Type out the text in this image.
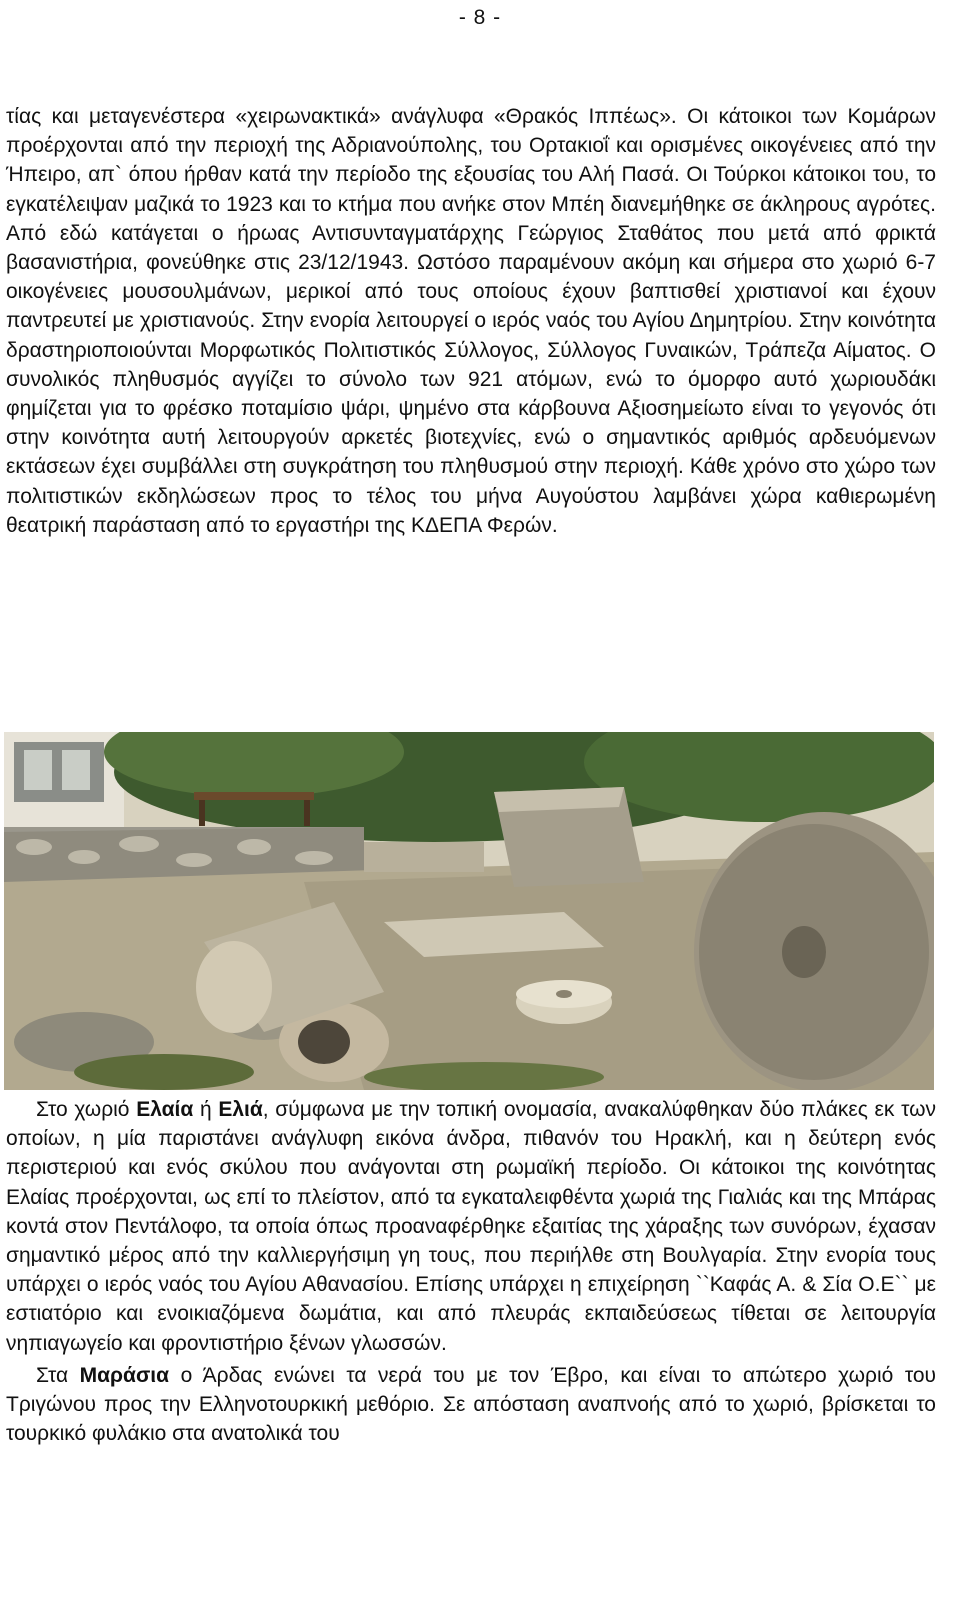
- 8 -

τίας και μεταγενέστερα «χειρωνακτικά» ανάγλυφα «Θρακός Ιππέως». Οι κάτοικοι των Κομάρων προέρχονται από την περιοχή της Αδριανούπολης, του Ορτακιοΐ και ορισμένες οικογένειες από την Ήπειρο, απ` όπου ήρθαν κατά την περίοδο της εξουσίας του Αλή Πασά. Οι Τούρκοι κάτοικοι του, το εγκατέλειψαν μαζικά το 1923 και το κτήμα που ανήκε στον Μπέη διανεμήθηκε σε άκληρους αγρότες. Από εδώ κατάγεται ο ήρωας Αντισυνταγματάρχης Γεώργιος Σταθάτος που μετά από φρικτά βασανιστήρια, φονεύθηκε στις 23/12/1943. Ωστόσο παραμένουν ακόμη και σήμερα στο χωριό 6-7 οικογένειες μουσουλμάνων, μερικοί από τους οποίους έχουν βαπτισθεί χριστιανοί και έχουν παντρευτεί με χριστιανούς. Στην ενορία λειτουργεί ο ιερός ναός του Αγίου Δημητρίου. Στην κοινότητα δραστηριοποιούνται Μορφωτικός Πολιτιστικός Σύλλογος, Σύλλογος Γυναικών, Τράπεζα Αίματος. Ο συνολικός πληθυσμός αγγίζει το σύνολο των 921 ατόμων, ενώ το όμορφο αυτό χωριουδάκι φημίζεται για το φρέσκο ποταμίσιο ψάρι, ψημένο στα κάρβουνα Αξιοσημείωτο είναι το γεγονός ότι στην κοινότητα αυτή λειτουργούν αρκετές βιοτεχνίες, ενώ ο σημαντικός αριθμός αρδευόμενων εκτάσεων έχει συμβάλλει στη συγκράτηση του πληθυσμού στην περιοχή. Κάθε χρόνο στο χώρο των πολιτιστικών εκδηλώσεων προς το τέλος του μήνα Αυγούστου λαμβάνει χώρα καθιερωμένη θεατρική παράσταση από το εργαστήρι της ΚΔΕΠΑ Φερών.

Στο χωριό Ελαία ή Ελιά, σύμφωνα με την τοπική ονομασία, ανακαλύφθηκαν δύο πλάκες εκ των οποίων, η μία παριστάνει ανάγλυφη εικόνα άνδρα, πιθανόν του Ηρακλή, και η δεύτερη ενός περιστεριού και ενός σκύλου που ανάγονται στη ρωμαϊκή περίοδο. Οι κάτοικοι της κοινότητας Ελαίας προέρχονται, ως επί το πλείστον, από τα εγκαταλειφθέντα χωριά της Γιαλιάς και της Μπάρας κοντά στον Πεντάλοφο, τα οποία όπως προαναφέρθηκε εξαιτίας της χάραξης των συνόρων, έχασαν σημαντικό μέρος από την καλλιεργήσιμη γη τους, που περιήλθε στη Βουλγαρία. Στην ενορία τους υπάρχει ο ιερός ναός του Αγίου Αθανασίου. Επίσης υπάρχει η επιχείρηση ``Καφάς Α. & Σία Ο.Ε`` με εστιατόριο και ενοικιαζόμενα δωμάτια, και από πλευράς εκπαιδεύσεως τίθεται σε λειτουργία νηπιαγωγείο και φροντιστήριο ξένων γλωσσών.

Στα Μαράσια ο Άρδας ενώνει τα νερά του με τον Έβρο, και είναι το απώτερο χωριό του Τριγώνου προς την Ελληνοτουρκική μεθόριο. Σε απόσταση αναπνοής από το χωριό, βρίσκεται το τουρκικό φυλάκιο στα ανατολικά του
